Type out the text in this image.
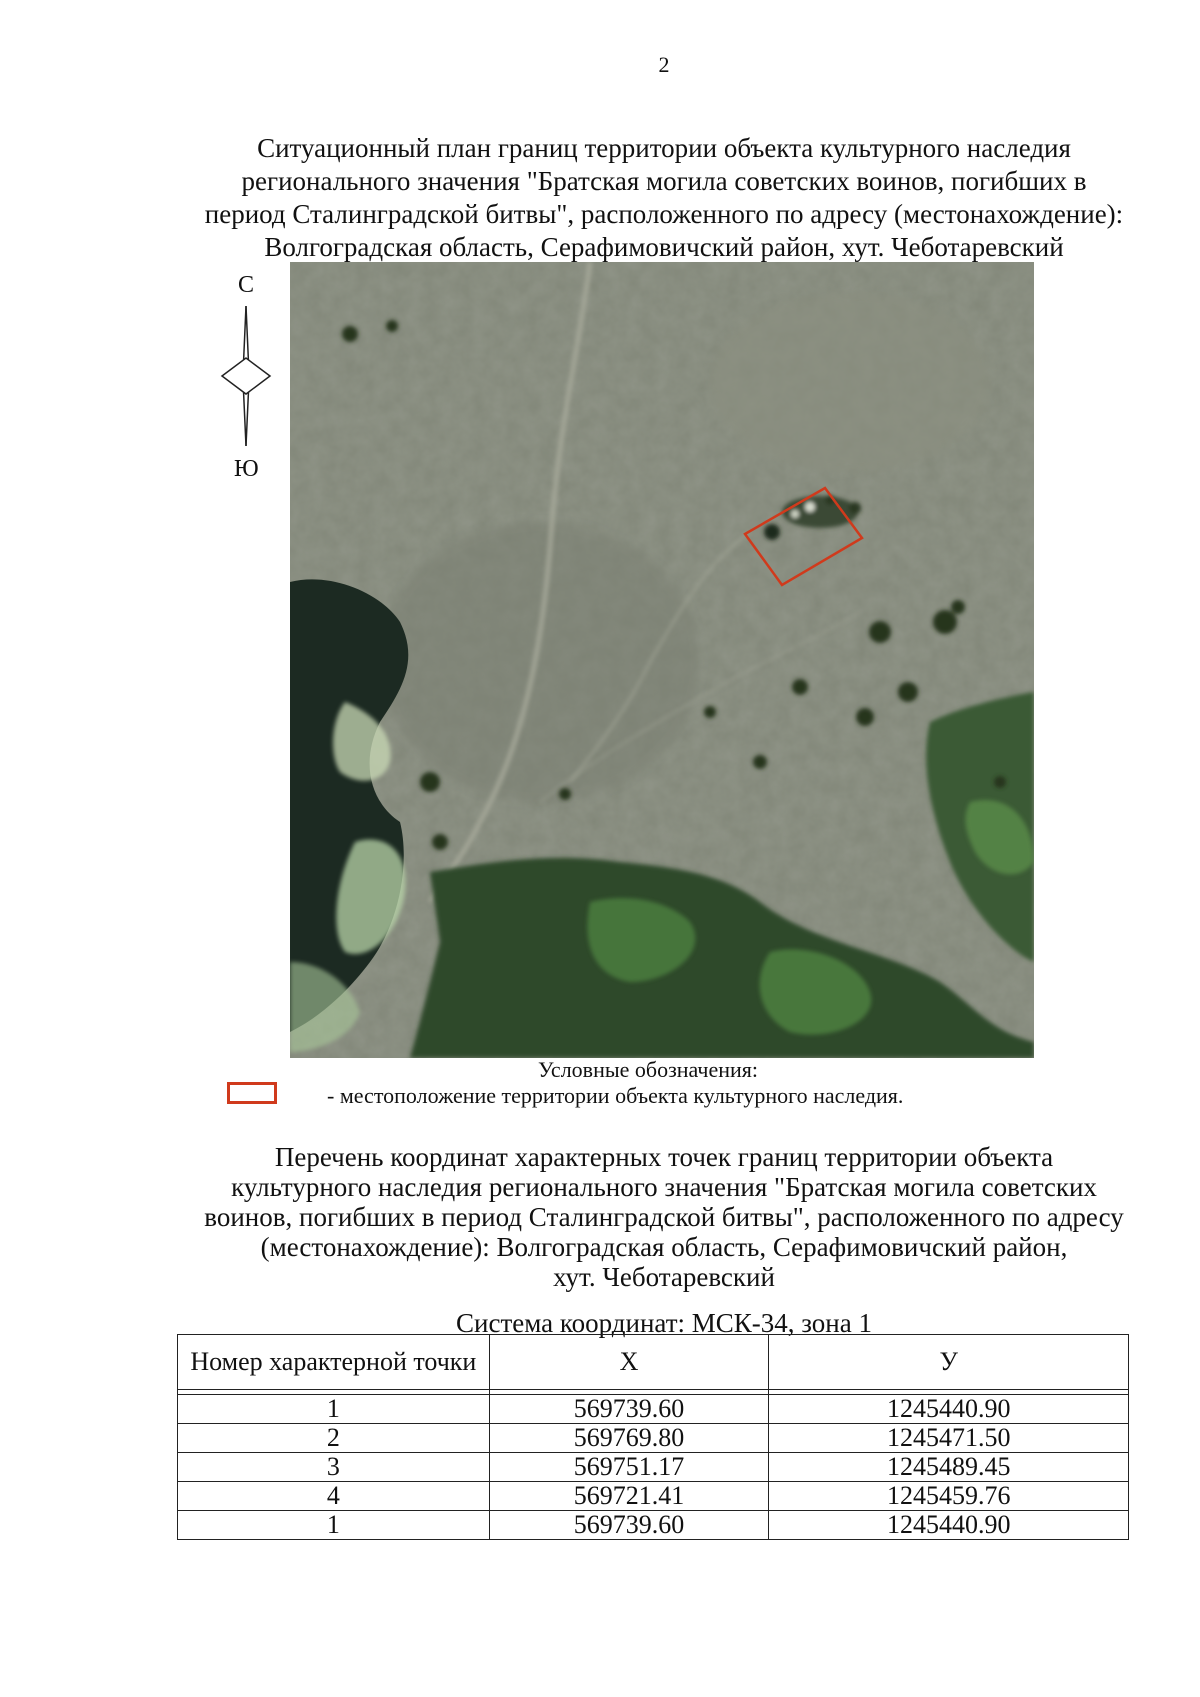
2
Ситуационный план границ территории объекта культурного наследия
регионального значения "Братская могила советских воинов, погибших в
период Сталинградской битвы", расположенного по адресу (местонахождение):
Волгоградская область, Серафимовичский район, хут. Чеботаревский
С
Ю
Условные обозначения:
- местоположение территории объекта культурного наследия.
Перечень координат характерных точек границ территории объекта
культурного наследия регионального значения "Братская могила советских
воинов, погибших в период Сталинградской битвы", расположенного по адресу
(местонахождение): Волгоградская область, Серафимовичский район,
хут. Чеботаревский
Система координат: МСК-34, зона 1
Номер характерной точки	X	У

1	569739.60	1245440.90
2	569769.80	1245471.50
3	569751.17	1245489.45
4	569721.41	1245459.76
1	569739.60	1245440.90
